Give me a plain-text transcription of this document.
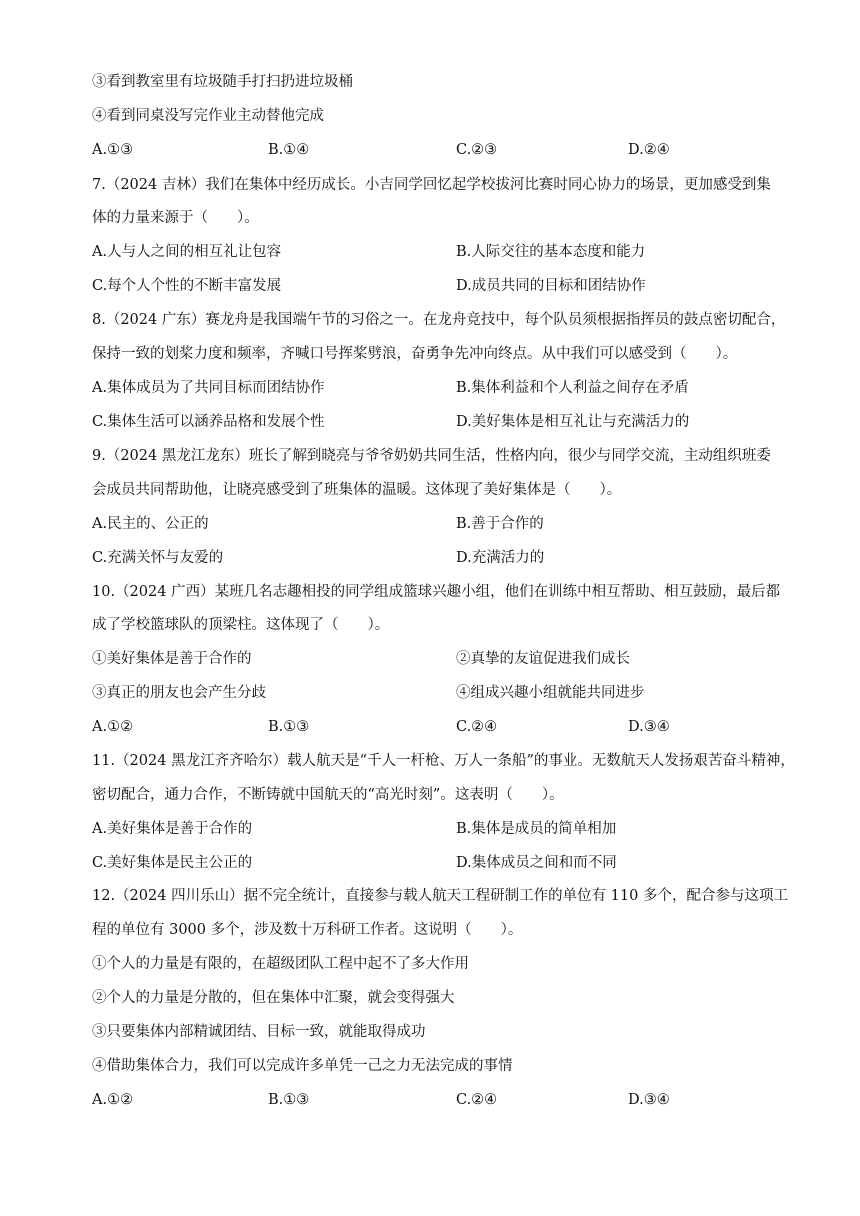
③看到教室里有垃圾随手打扫扔进垃圾桶
④看到同桌没写完作业主动替他完成
A.①③	B.①④	C.②③	D.②④
7.（2024 吉林）我们在集体中经历成长。小吉同学回忆起学校拔河比赛时同心协力的场景，更加感受到集
体的力量来源于（　　）。
A.人与人之间的相互礼让包容	B.人际交往的基本态度和能力
C.每个人个性的不断丰富发展	D.成员共同的目标和团结协作
8.（2024 广东）赛龙舟是我国端午节的习俗之一。在龙舟竞技中，每个队员须根据指挥员的鼓点密切配合，
保持一致的划桨力度和频率，齐喊口号挥桨劈浪，奋勇争先冲向终点。从中我们可以感受到（　　）。
A.集体成员为了共同目标而团结协作	B.集体利益和个人利益之间存在矛盾
C.集体生活可以涵养品格和发展个性	D.美好集体是相互礼让与充满活力的
9.（2024 黑龙江龙东）班长了解到晓亮与爷爷奶奶共同生活，性格内向，很少与同学交流，主动组织班委
会成员共同帮助他，让晓亮感受到了班集体的温暖。这体现了美好集体是（　　）。
A.民主的、公正的	B.善于合作的
C.充满关怀与友爱的	D.充满活力的
10.（2024 广西）某班几名志趣相投的同学组成篮球兴趣小组，他们在训练中相互帮助、相互鼓励，最后都
成了学校篮球队的顶梁柱。这体现了（　　）。
①美好集体是善于合作的	②真挚的友谊促进我们成长
③真正的朋友也会产生分歧	④组成兴趣小组就能共同进步
A.①②	B.①③	C.②④	D.③④
11.（2024 黑龙江齐齐哈尔）载人航天是“千人一杆枪、万人一条船”的事业。无数航天人发扬艰苦奋斗精神，
密切配合，通力合作，不断铸就中国航天的“高光时刻”。这表明（　　）。
A.美好集体是善于合作的	B.集体是成员的简单相加
C.美好集体是民主公正的	D.集体成员之间和而不同
12.（2024 四川乐山）据不完全统计，直接参与载人航天工程研制工作的单位有 110 多个，配合参与这项工
程的单位有 3000 多个，涉及数十万科研工作者。这说明（　　）。
①个人的力量是有限的，在超级团队工程中起不了多大作用
②个人的力量是分散的，但在集体中汇聚，就会变得强大
③只要集体内部精诚团结、目标一致，就能取得成功
④借助集体合力，我们可以完成许多单凭一己之力无法完成的事情
A.①②	B.①③	C.②④	D.③④
